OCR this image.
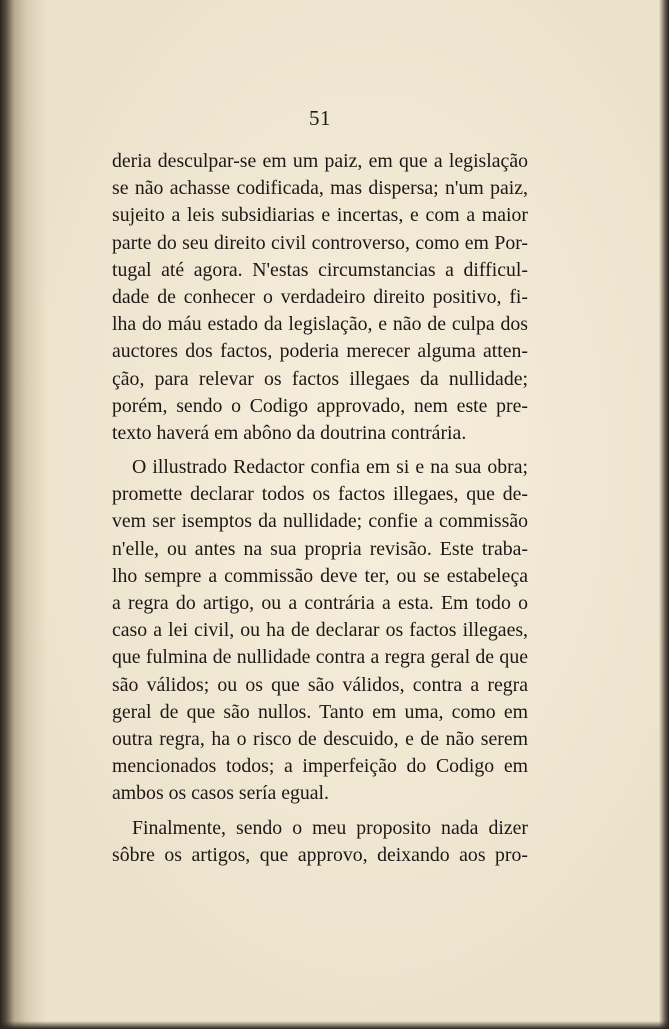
51
deria desculpar-se em um paiz, em que a legislação
se não achasse codificada, mas dispersa; n'um paiz,
sujeito a leis subsidiarias e incertas, e com a maior
parte do seu direito civil controverso, como em Por-
tugal até agora. N'estas circumstancias a difficul-
dade de conhecer o verdadeiro direito positivo, fi-
lha do máu estado da legislação, e não de culpa dos
auctores dos factos, poderia merecer alguma atten-
ção, para relevar os factos illegaes da nullidade;
porém, sendo o Codigo approvado, nem este pre-
texto haverá em abôno da doutrina contrária.
O illustrado Redactor confia em si e na sua obra;
promette declarar todos os factos illegaes, que de-
vem ser isemptos da nullidade; confie a commissão
n'elle, ou antes na sua propria revisão. Este traba-
lho sempre a commissão deve ter, ou se estabeleça
a regra do artigo, ou a contrária a esta. Em todo o
caso a lei civil, ou ha de declarar os factos illegaes,
que fulmina de nullidade contra a regra geral de que
são válidos; ou os que são válidos, contra a regra
geral de que são nullos. Tanto em uma, como em
outra regra, ha o risco de descuido, e de não serem
mencionados todos; a imperfeição do Codigo em
ambos os casos sería egual.
Finalmente, sendo o meu proposito nada dizer
sôbre os artigos, que approvo, deixando aos pro-
